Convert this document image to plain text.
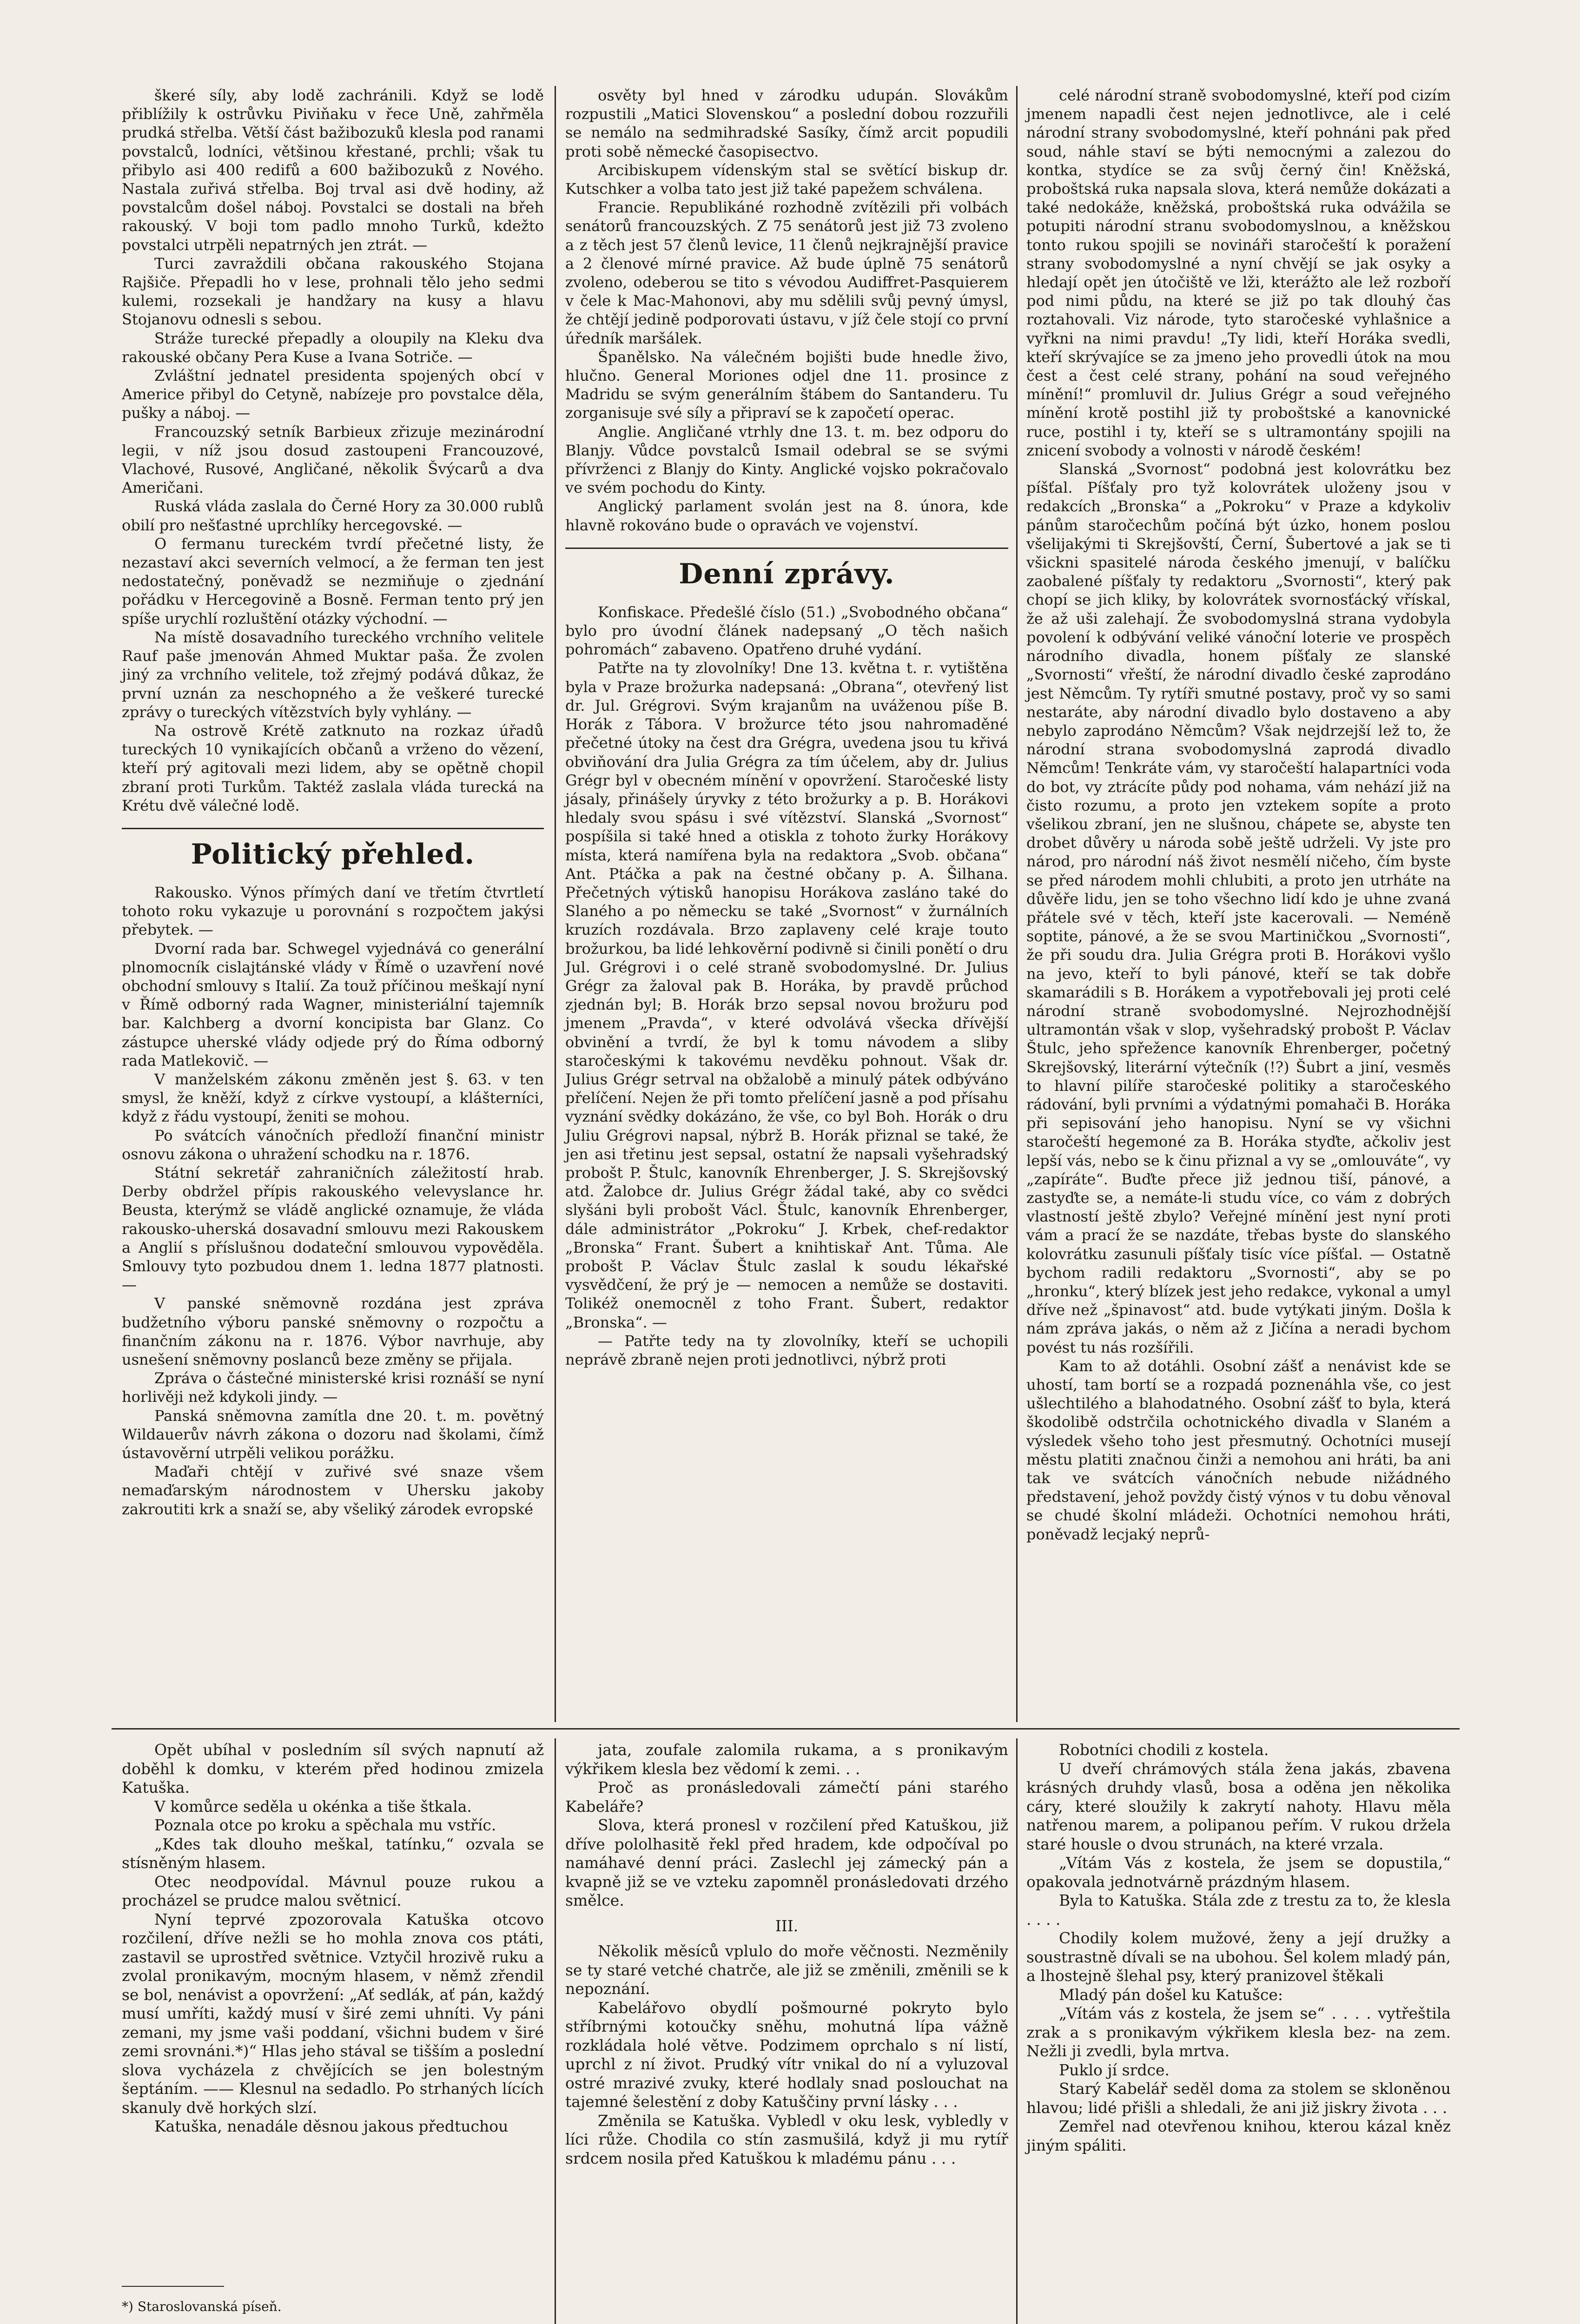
škeré síly, aby lodě zachránili. Když se lodě přiblížily k ostrůvku Piviňaku v řece Uně, zahřměla prudká střelba. Větší část bažibozuků klesla pod ranami povstalců, lodníci, většinou křestané, prchli; však tu přibylo asi 400 redifů a 600 bažibozuků z Nového. Nastala zuřivá střelba. Boj trval asi dvě hodiny, až povstalcům došel náboj. Povstalci se dostali na břeh rakouský. V boji tom padlo mnoho Turků, kdežto povstalci utrpěli nepatrných jen ztrát. —

Turci zavraždili občana rakouského Stojana Rajšiče. Přepadli ho v lese, prohnali tělo jeho sedmi kulemi, rozsekali je handžary na kusy a hlavu Stojanovu odnesli s sebou.

Stráže turecké přepadly a oloupily na Kleku dva rakouské občany Pera Kuse a Ivana Sotriče. —

Zvláštní jednatel presidenta spojených obcí v Americe přibyl do Cetyně, nabízeje pro povstalce děla, pušky a náboj. —

Francouzský setník Barbieux zřizuje mezinárodní legii, v níž jsou dosud zastoupeni Francouzové, Vlachové, Rusové, Angličané, několik Švýcarů a dva Američani.

Ruská vláda zaslala do Černé Hory za 30.000 rublů obilí pro nešťastné uprchlíky hercegovské. —

O fermanu tureckém tvrdí přečetné listy, že nezastaví akci severních velmocí, a že ferman ten jest nedostatečný, poněvadž se nezmiňuje o zjednání pořádku v Hercegovině a Bosně. Ferman tento prý jen spíše urychlí rozluštění otázky východní. —

Na místě dosavadního tureckého vrchního velitele Rauf paše jmenován Ahmed Muktar paša. Že zvolen jiný za vrchního velitele, tož zřejmý podává důkaz, že první uznán za neschopného a že veškeré turecké zprávy o tureckých vítězstvích byly vyhlány. —

Na ostrově Krétě zatknuto na rozkaz úřadů tureckých 10 vynikajících občanů a vrženo do vězení, kteří prý agitovali mezi lidem, aby se opětně chopil zbraní proti Turkům. Taktéž zaslala vláda turecká na Krétu dvě válečné lodě.

Politický přehled.

Rakousko. Výnos přímých daní ve třetím čtvrtletí tohoto roku vykazuje u porovnání s rozpočtem jakýsi přebytek. —

Dvorní rada bar. Schwegel vyjednává co generální plnomocník cislajtánské vlády v Římě o uzavření nové obchodní smlouvy s Italií. Za touž příčinou meškají nyní v Římě odborný rada Wagner, ministeriální tajemník bar. Kalchberg a dvorní koncipista bar Glanz. Co zástupce uherské vlády odjede prý do Říma odborný rada Matlekovič. —

V manželském zákonu změněn jest §. 63. v ten smysl, že kněží, když z církve vystoupí, a klášterníci, když z řádu vystoupí, ženiti se mohou.

Po svátcích vánočních předloží finanční ministr osnovu zákona o uhražení schodku na r. 1876.

Státní sekretář zahraničních záležitostí hrab. Derby obdržel přípis rakouského velevyslance hr. Beusta, kterýmž se vládě anglické oznamuje, že vláda rakousko-uherská dosavadní smlouvu mezi Rakouskem a Anglií s příslušnou dodateční smlouvou vypověděla. Smlouvy tyto pozbudou dnem 1. ledna 1877 platnosti. —

V panské sněmovně rozdána jest zpráva budžetního výboru panské sněmovny o rozpočtu a finančním zákonu na r. 1876. Výbor navrhuje, aby usnešení sněmovny poslanců beze změny se přijala.

Zpráva o částečné ministerské krisi roznáší se nyní horlivěji než kdykoli jindy. —

Panská sněmovna zamítla dne 20. t. m. povětný Wildauerův návrh zákona o dozoru nad školami, čímž ústavověrní utrpěli velikou porážku.

Maďaři chtějí v zuřivé své snaze všem nemaďarským národnostem v Uhersku jakoby zakroutiti krk a snaží se, aby všeliký zárodek evropské

osvěty byl hned v zárodku udupán. Slovákům rozpustili „Matici Slovenskou“ a poslední dobou rozzuřili se nemálo na sedmihradské Sasíky, čímž arcit popudili proti sobě německé časopisectvo.

Arcibiskupem vídenským stal se světící biskup dr. Kutschker a volba tato jest již také papežem schválena.

Francie. Republikáné rozhodně zvítězili při volbách senátorů francouzských. Z 75 senátorů jest již 73 zvoleno a z těch jest 57 členů levice, 11 členů nejkrajnější pravice a 2 členové mírné pravice. Až bude úplně 75 senátorů zvoleno, odeberou se tito s vévodou Audiffret-Pasquierem v čele k Mac-Mahonovi, aby mu sdělili svůj pevný úmysl, že chtějí jedině podporovati ústavu, v jíž čele stojí co první úředník maršálek.

Španělsko. Na válečném bojišti bude hnedle živo, hlučno. General Moriones odjel dne 11. prosince z Madridu se svým generálním štábem do Santanderu. Tu zorganisuje své síly a připraví se k započetí operac.

Anglie. Angličané vtrhly dne 13. t. m. bez odporu do Blanjy. Vůdce povstalců Ismail odebral se se svými přívrženci z Blanjy do Kinty. Anglické vojsko pokračovalo ve svém pochodu do Kinty.

Anglický parlament svolán jest na 8. února, kde hlavně rokováno bude o opravách ve vojenství.

Denní zprávy.

Konfiskace. Předešlé číslo (51.) „Svobodného občana“ bylo pro úvodní článek nadepsaný „O těch našich pohromách“ zabaveno. Opatřeno druhé vydání.

Patřte na ty zlovolníky! Dne 13. května t. r. vytištěna byla v Praze brožurka nadepsaná: „Obrana“, otevřený list dr. Jul. Grégrovi. Svým krajanům na uváženou píše B. Horák z Tábora. V brožurce této jsou nahromaděné přečetné útoky na čest dra Grégra, uvedena jsou tu křivá obviňování dra Julia Grégra za tím účelem, aby dr. Julius Grégr byl v obecném mínění v opovržení. Staročeské listy jásaly, přinášely úryvky z této brožurky a p. B. Horákovi hledaly svou spásu i své vítězství. Slanská „Svornost“ pospíšila si také hned a otiskla z tohoto žurky Horákovy místa, která namířena byla na redaktora „Svob. občana“ Ant. Ptáčka a pak na čestné občany p. A. Šilhana. Přečetných výtisků hanopisu Horákova zasláno také do Slaného a po německu se také „Svornost“ v žurnálních kruzích rozdávala. Brzo zaplaveny celé kraje touto brožurkou, ba lidé lehkověrní podivně si činili ponětí o dru Jul. Grégrovi i o celé straně svobodomyslné. Dr. Julius Grégr za žaloval pak B. Horáka, by pravdě průchod zjednán byl; B. Horák brzo sepsal novou brožuru pod jmenem „Pravda“, v které odvolává všecka dřívější obvinění a tvrdí, že byl k tomu návodem a sliby staročeskými k takovému nevděku pohnout. Však dr. Julius Grégr setrval na obžalobě a minulý pátek odbýváno přelíčení. Nejen že při tomto přelíčení jasně a pod přísahu vyznání svědky dokázáno, že vše, co byl Boh. Horák o dru Juliu Grégrovi napsal, nýbrž B. Horák přiznal se také, že jen asi třetinu jest sepsal, ostatní že napsali vyšehradský probošt P. Štulc, kanovník Ehrenberger, J. S. Skrejšovský atd. Žalobce dr. Julius Grégr žádal také, aby co svědci slyšáni byli probošt Václ. Štulc, kanovník Ehrenberger, dále administrátor „Pokroku“ J. Krbek, chef-redaktor „Bronska“ Frant. Šubert a knihtiskař Ant. Tůma. Ale probošt P. Václav Štulc zaslal k soudu lékařské vysvědčení, že prý je — nemocen a nemůže se dostaviti. Tolikéž onemocněl z toho Frant. Šubert, redaktor „Bronska“. —

— Patřte tedy na ty zlovolníky, kteří se uchopili neprávě zbraně nejen proti jednotlivci, nýbrž proti

celé národní straně svobodomyslné, kteří pod cizím jmenem napadli čest nejen jednotlivce, ale i celé národní strany svobodomyslné, kteří pohnáni pak před soud, náhle staví se býti nemocnými a zalezou do kontka, stydíce se za svůj černý čin! Kněžská, proboštská ruka napsala slova, která nemůže dokázati a také nedokáže, kněžská, proboštská ruka odvážila se potupiti národní stranu svobodomyslnou, a kněžskou tonto rukou spojili se novináři staročeští k poražení strany svobodomyslné a nyní chvějí se jak osyky a hledají opět jen útočiště ve lži, kterážto ale lež rozboří pod nimi půdu, na které se již po tak dlouhý čas roztahovali. Viz národe, tyto staročeské vyhlašnice a vyřkni na nimi pravdu! „Ty lidi, kteří Horáka svedli, kteří skrývajíce se za jmeno jeho provedli útok na mou čest a čest celé strany, pohání na soud veřejného mínění!“ promluvil dr. Julius Grégr a soud veřejného mínění krotě postihl již ty proboštské a kanovnické ruce, postihl i ty, kteří se s ultramontány spojili na znicení svobody a volnosti v národě českém!

Slanská „Svornost“ podobná jest kolovrátku bez píšťal. Píšťaly pro tyž kolovrátek uloženy jsou v redakcích „Bronska“ a „Pokroku“ v Praze a kdykoliv pánům staročechům počíná být úzko, honem poslou všelijakými ti Skrejšovští, Černí, Šubertové a jak se ti všickni spasitelé národa českého jmenují, v balíčku zaobalené píšťaly ty redaktoru „Svornosti“, který pak chopí se jich kliky, by kolovrátek svornosťácký vřískal, že až uši zalehají. Že svobodomyslná strana vydobyla povolení k odbývání veliké vánoční loterie ve prospěch národního divadla, honem píšťaly ze slanské „Svornosti“ vřeští, že národní divadlo české zaprodáno jest Němcům. Ty rytíři smutné postavy, proč vy so sami nestaráte, aby národní divadlo bylo dostaveno a aby nebylo zaprodáno Němcům? Však nejdrzejší lež to, že národní strana svobodomyslná zaprodá divadlo Němcům! Tenkráte vám, vy staročeští halapartníci voda do bot, vy ztrácíte půdy pod nohama, vám nehází již na čisto rozumu, a proto jen vztekem sopíte a proto všelikou zbraní, jen ne slušnou, chápete se, abyste ten drobet důvěry u národa sobě ještě udrželi. Vy jste pro národ, pro národní náš život nesmělí ničeho, čím byste se před národem mohli chlubiti, a proto jen utrháte na důvěře lidu, jen se toho všechno lidí kdo je uhne zvaná přátele své v těch, kteří jste kacerovali. — Neméně soptite, pánové, a že se svou Martiničkou „Svornosti“, že při soudu dra. Julia Grégra proti B. Horákovi vyšlo na jevo, kteří to byli pánové, kteří se tak dobře skamarádili s B. Horákem a vypotřebovali jej proti celé národní straně svobodomyslné. Nejrozhodnější ultramontán však v slop, vyšehradský probošt P. Václav Štulc, jeho spřežence kanovník Ehrenberger, početný Skrejšovský, literární výtečník (!?) Šubrt a jiní, vesměs to hlavní pilíře staročeské politiky a staročeského rádování, byli prvními a výdatnými pomahači B. Horáka při sepisování jeho hanopisu. Nyní se vy všichni staročeští hegemoné za B. Horáka styďte, ačkoliv jest lepší vás, nebo se k činu přiznal a vy se „omlouváte“, vy „zapíráte“. Buďte přece již jednou tiší, pánové, a zastyďte se, a nemáte-li studu více, co vám z dobrých vlastností ještě zbylo? Veřejné mínění jest nyní proti vám a prací že se nazdáte, třebas byste do slanského kolovrátku zasunuli píšťaly tisíc více píšťal. — Ostatně bychom radili redaktoru „Svornosti“, aby se po „hronku“, který blízek jest jeho redakce, vykonal a umyl dříve než „špinavost“ atd. bude vytýkati jiným. Došla k nám zpráva jakás, o něm až z Jičína a neradi bychom povést tu nás rozšířili.

Kam to až dotáhli. Osobní zášť a nenávist kde se uhostí, tam bortí se a rozpadá poznenáhla vše, co jest ušlechtilého a blahodatného. Osobní zášť to byla, která škodolibě odstrčila ochotnického divadla v Slaném a výsledek všeho toho jest přesmutný. Ochotníci musejí městu platiti značnou činži a nemohou ani hráti, ba ani tak ve svátcích vánočních nebude nižádného představení, jehož povždy čistý výnos v tu dobu věnoval se chudé školní mládeži. Ochotníci nemohou hráti, poněvadž lecjaký neprů-

Opět ubíhal v posledním síl svých napnutí až doběhl k domku, v kterém před hodinou zmizela Katuška.

V komůrce seděla u okénka a tiše štkala.

Poznala otce po kroku a spěchala mu vstříc.

„Kdes tak dlouho meškal, tatínku,“ ozvala se stísněným hlasem.

Otec neodpovídal. Mávnul pouze rukou a procházel se prudce malou světnicí.

Nyní teprvé zpozorovala Katuška otcovo rozčilení, dříve nežli se ho mohla znova cos ptáti, zastavil se uprostřed světnice. Vztyčil hrozivě ruku a zvolal pronikavým, mocným hlasem, v němž zřendil se bol, nenávist a opovržení: „Ať sedlák, ať pán, každý musí umříti, každý musí v širé zemi uhníti. Vy páni zemani, my jsme vaši poddaní, všichni budem v širé zemi srovnáni.*)“ Hlas jeho stával se tišším a poslední slova vycházela z chvějících se jen bolestným šeptáním. —— Klesnul na sedadlo. Po strhaných lících skanuly dvě horkých slzí.

Katuška, nenadále děsnou jakous předtuchou

jata, zoufale zalomila rukama, a s pronikavým výkřikem klesla bez vědomí k zemi. . .

Proč as pronásledovali zámečtí páni starého Kabeláře?

Slova, která pronesl v rozčilení před Katuškou, již dříve pololhasitě řekl před hradem, kde odpočíval po namáhavé denní práci. Zaslechl jej zámecký pán a kvapně již se ve vzteku zapomněl pronásledovati drzého smělce.

III.

Několik měsíců vplulo do moře věčnosti. Nezměnily se ty staré vetché chatrče, ale již se změnili, změnili se k nepoznání.

Kabelářovo obydlí pošmourné pokryto bylo stříbrnými kotoučky sněhu, mohutná lípa vážně rozkládala holé větve. Podzimem oprchalo s ní listí, uprchl z ní život. Prudký vítr vnikal do ní a vyluzoval ostré mrazivé zvuky, které hodlaly snad poslouchat na tajemné šelestění z doby Katuščiny první lásky . . .

Změnila se Katuška. Vybledl v oku lesk, vybledly v líci růže. Chodila co stín zasmušilá, když ji mu rytíř srdcem nosila před Katuškou k mladému pánu . . .

Robotníci chodili z kostela.

U dveří chrámových stála žena jakás, zbavena krásných druhdy vlasů, bosa a oděna jen několika cáry, které sloužily k zakrytí nahoty. Hlavu měla natřenou marem, a polipanou peřím. V rukou držela staré housle o dvou strunách, na které vrzala.

„Vítám Vás z kostela, že jsem se dopustila,“ opakovala jednotvárně prázdným hlasem.

Byla to Katuška. Stála zde z trestu za to, že klesla . . . .

Chodily kolem mužové, ženy a její družky a soustrastně dívali se na ubohou. Šel kolem mladý pán, a lhostejně šlehal psy, který pranizovel štěkali

Mladý pán došel ku Katušce:

„Vítám vás z kostela, že jsem se“ . . . . vytřeštila zrak a s pronikavým výkřikem klesla bez- na zem. Nežli ji zvedli, byla mrtva.

Puklo jí srdce.

Starý Kabelář seděl doma za stolem se skloněnou hlavou; lidé přišli a shledali, že ani již jiskry života . . .

Zemřel nad otevřenou knihou, kterou kázal kněz jiným spáliti.

*) Staroslovanská píseň.
